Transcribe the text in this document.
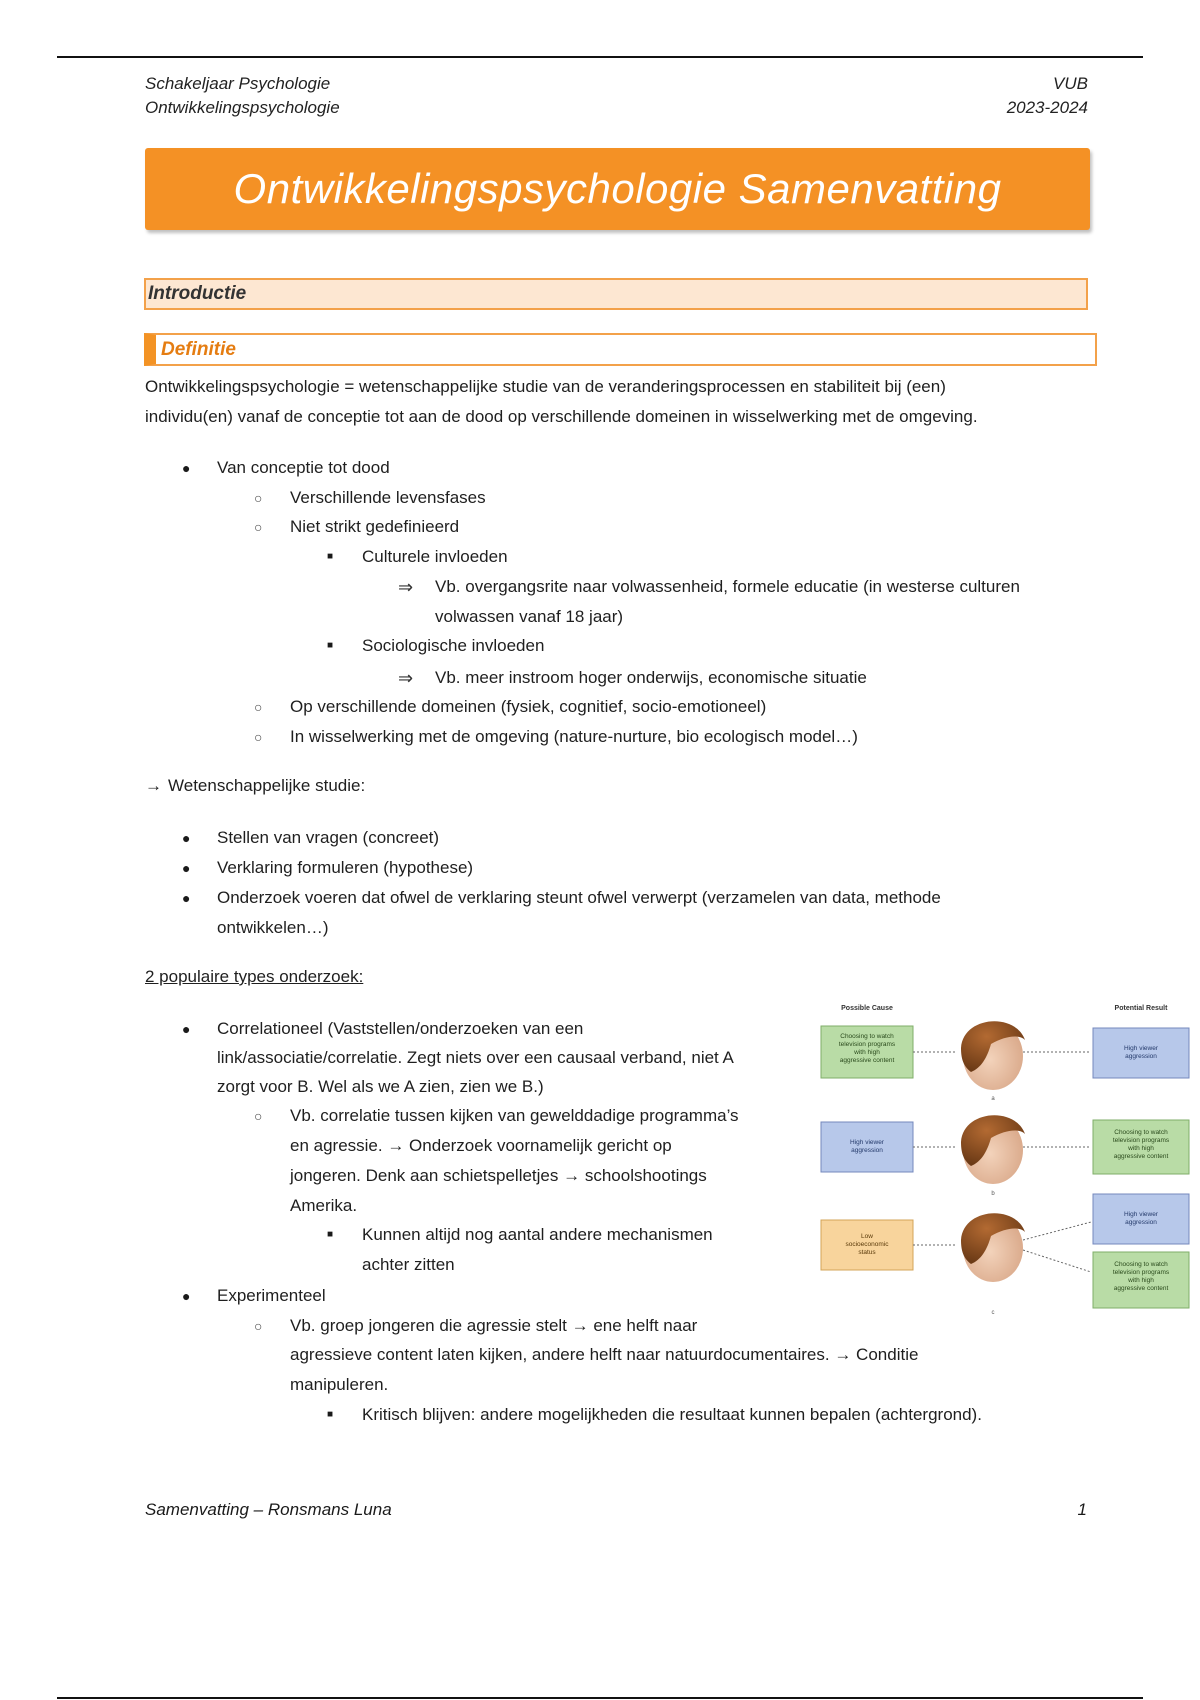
Schakeljaar Psychologie
Ontwikkelingspsychologie
VUB
2023-2024
Ontwikkelingspsychologie Samenvatting
Introductie
Definitie
Ontwikkelingspsychologie = wetenschappelijke studie van de veranderingsprocessen en stabiliteit bij (een)
individu(en) vanaf de conceptie tot aan de dood op verschillende domeinen in wisselwerking met de omgeving.
● Van conceptie tot dood
○ Verschillende levensfases
○ Niet strikt gedefinieerd
■ Culturele invloeden
⇒ Vb. overgangsrite naar volwassenheid, formele educatie (in westerse culturen
volwassen vanaf 18 jaar)
■ Sociologische invloeden
⇒ Vb. meer instroom hoger onderwijs, economische situatie
○ Op verschillende domeinen (fysiek, cognitief, socio-emotioneel)
○ In wisselwerking met de omgeving (nature-nurture, bio ecologisch model…)
→ Wetenschappelijke studie:
● Stellen van vragen (concreet)
● Verklaring formuleren (hypothese)
● Onderzoek voeren dat ofwel de verklaring steunt ofwel verwerpt (verzamelen van data, methode
ontwikkelen…)
2 populaire types onderzoek:
● Correlationeel (Vaststellen/onderzoeken van een
link/associatie/correlatie. Zegt niets over een causaal verband, niet A
zorgt voor B. Wel als we A zien, zien we B.)
○ Vb. correlatie tussen kijken van gewelddadige programma’s
en agressie. → Onderzoek voornamelijk gericht op
jongeren. Denk aan schietspelletjes → schoolshootings
Amerika.
■ Kunnen altijd nog aantal andere mechanismen
achter zitten
● Experimenteel
○ Vb. groep jongeren die agressie stelt → ene helft naar
agressieve content laten kijken, andere helft naar natuurdocumentaires. → Conditie
manipuleren.
■ Kritisch blijven: andere mogelijkheden die resultaat kunnen bepalen (achtergrond).
Possible Cause	Potential Result
Choosing to watch
television programs
with high
aggressive content
High viewer
aggression
a
High viewer
aggression
Choosing to watch
television programs
with high
aggressive content
b
Low
socioeconomic
status
High viewer
aggression
Choosing to watch
television programs
with high
aggressive content
c
Samenvatting – Ronsmans Luna	1
